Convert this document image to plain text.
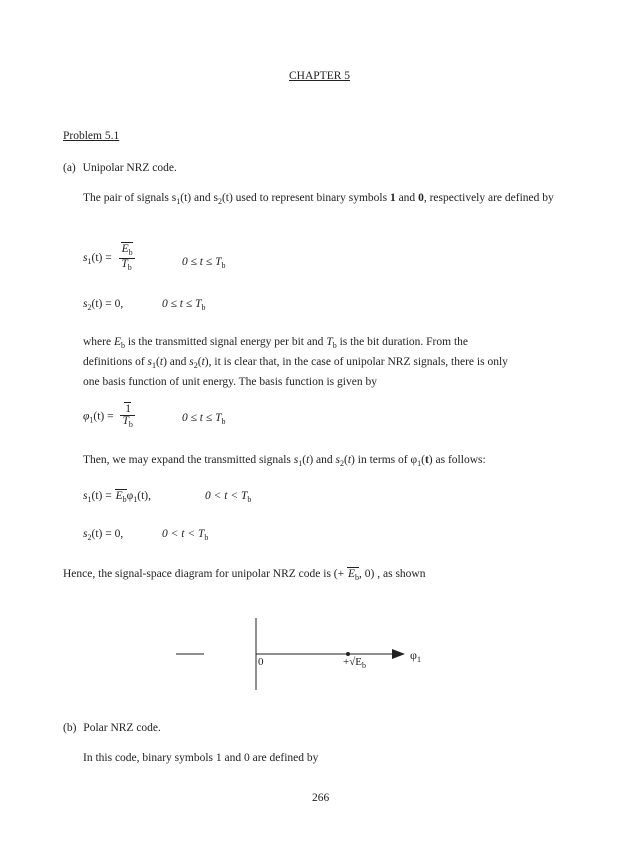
CHAPTER 5
Problem 5.1
(a) Unipolar NRZ code.

The pair of signals $s_1(t)$ and $s_2(t)$ used to represent binary symbols 1 and 0, respectively are defined by

$s_1(t) = \frac{E_b}{T_b}$	$0 \le t \le T_b$
$s_2(t) = 0$,	$0 \le t \le T_b$
where $E_b$ is the transmitted signal energy per bit and $T_b$ is the bit duration. From the
definitions of $s_1(t)$ and $s_2(t)$, it is clear that, in the case of unipolar NRZ signals, there is only
one basis function of unit energy. The basis function is given by
$\varphi_1(t) = \frac{1}{T_b}$	$0 \le t \le T_b$
Then, we may expand the transmitted signals $s_1(t)$ and $s_2(t)$ in terms of $\varphi_1(t)$ as follows:
$s_1(t) = E_b\varphi_1(t)$,	$0 < t < T_b$
$s_2(t) = 0$,	$0 < t < T_b$
Hence, the signal-space diagram for unipolar NRZ code is (+ $E_b$, 0) , as shown
0	$+√E_b$
$\varphi_1$
(b) Polar NRZ code.
In this code, binary symbols 1 and 0 are defined by
266
